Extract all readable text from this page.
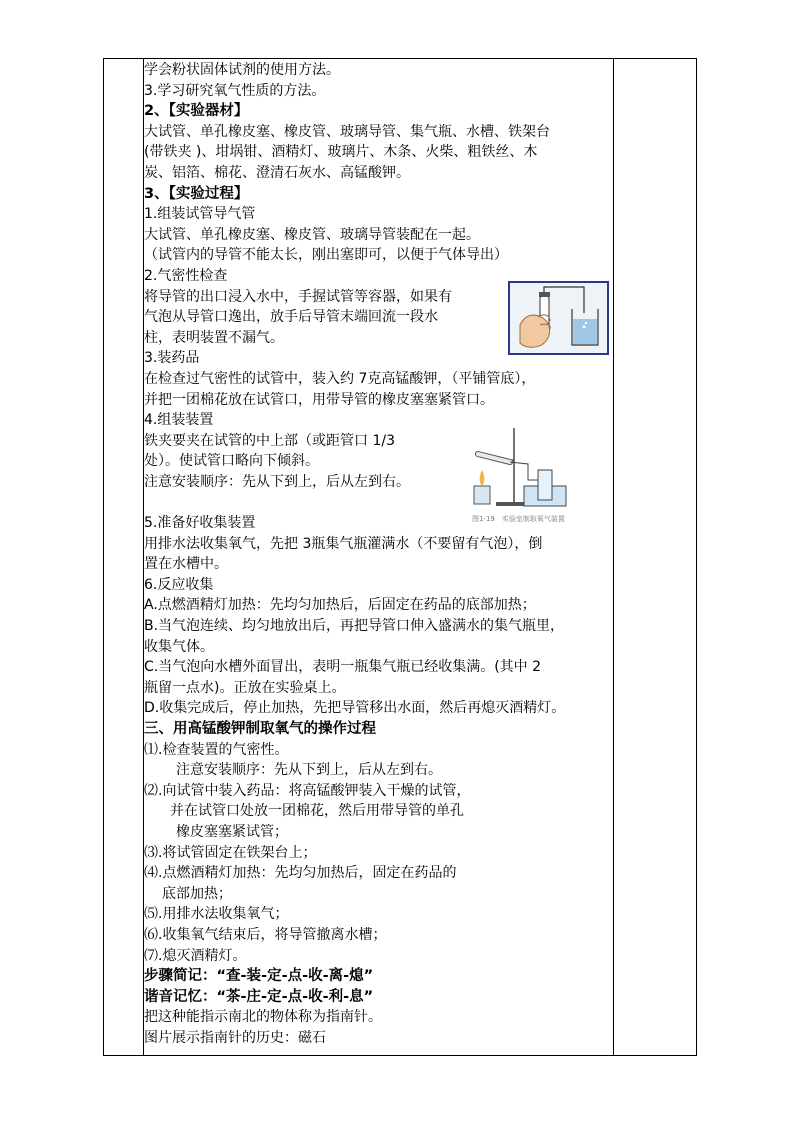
学会粉状固体试剂的使用方法。
3.学习研究氧气性质的方法。
2、【实验器材】
大试管、单孔橡皮塞、橡皮管、玻璃导管、集气瓶、水槽、铁架台
(带铁夹 )、坩埚钳、酒精灯、玻璃片、木条、火柴、粗铁丝、木
炭、铝箔、棉花、澄清石灰水、高锰酸钾。
3、【实验过程】
1.组装试管导气管
大试管、单孔橡皮塞、橡皮管、玻璃导管装配在一起。
（试管内的导管不能太长，刚出塞即可，以便于气体导出）
2.气密性检查
将导管的出口浸入水中，手握试管等容器，如果有
气泡从导管口逸出，放手后导管末端回流一段水
柱，表明装置不漏气。
3.装药品
在检查过气密性的试管中，装入约 7克高锰酸钾，（平铺管底），
并把一团棉花放在试管口，用带导管的橡皮塞塞紧管口。
4.组装装置
铁夹要夹在试管的中上部（或距管口 1/3
处）。使试管口略向下倾斜。
注意安装顺序：先从下到上，后从左到右。
5.准备好收集装置
用排水法收集氧气，先把 3瓶集气瓶灌满水（不要留有气泡），倒
置在水槽中。
6.反应收集
A.点燃酒精灯加热：先均匀加热后，后固定在药品的底部加热；
B.当气泡连续、均匀地放出后，再把导管口伸入盛满水的集气瓶里，
收集气体。
C.当气泡向水槽外面冒出，表明一瓶集气瓶已经收集满。(其中 2
瓶留一点水)。正放在实验桌上。
D.收集完成后，停止加热，先把导管移出水面，然后再熄灭酒精灯。
三、用高锰酸钾制取氧气的操作过程
⑴.检查装置的气密性。
注意安装顺序：先从下到上，后从左到右。
⑵.向试管中装入药品：将高锰酸钾装入干燥的试管，
并在试管口处放一团棉花，然后用带导管的单孔
橡皮塞塞紧试管；
⑶.将试管固定在铁架台上；
⑷.点燃酒精灯加热：先均匀加热后，固定在药品的
底部加热；
⑸.用排水法收集氧气；
⑹.收集氧气结束后，将导管撤离水槽；
⑺.熄灭酒精灯。
步骤简记：“查-装-定-点-收-离-熄”
谐音记忆：“茶-庄-定-点-收-利-息”
把这种能指示南北的物体称为指南针。
图片展示指南针的历史：磁石
图1-19　实验室制取氧气装置
